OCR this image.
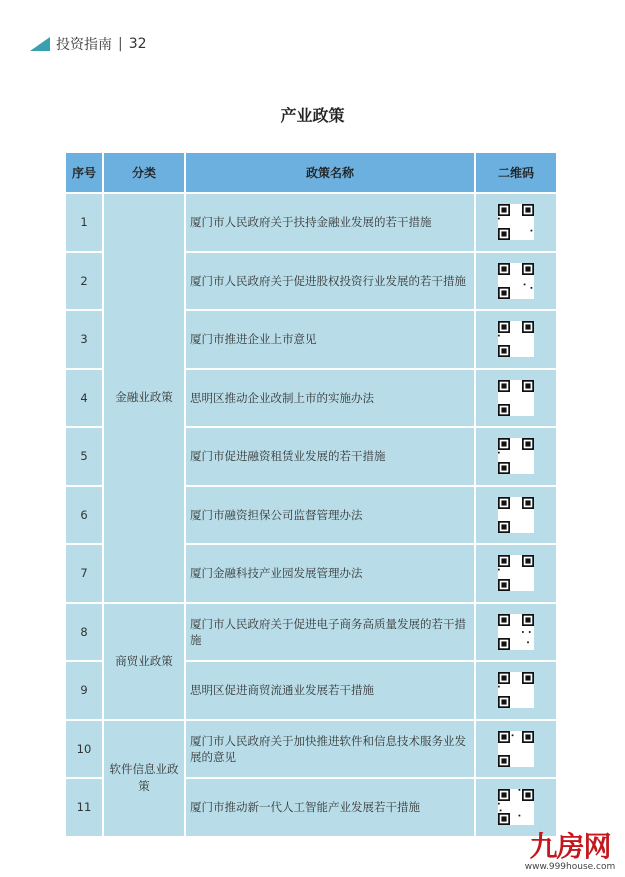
投资指南 | 32
产业政策
序号	分类	政策名称	二维码
1	金融业政策	厦门市人民政府关于扶持金融业发展的若干措施	

2		厦门市人民政府关于促进股权投资行业发展的若干措施	

3		厦门市推进企业上市意见	

4		思明区推动企业改制上市的实施办法	

5		厦门市促进融资租赁业发展的若干措施	

6		厦门市融资担保公司监督管理办法	

7		厦门金融科技产业园发展管理办法	

8	商贸业政策	厦门市人民政府关于促进电子商务高质量发展的若干措施	

9		思明区促进商贸流通业发展若干措施	

10	软件信息业政策	厦门市人民政府关于加快推进软件和信息技术服务业发展的意见	

11		厦门市推动新一代人工智能产业发展若干措施	
九房网
www.999house.com
